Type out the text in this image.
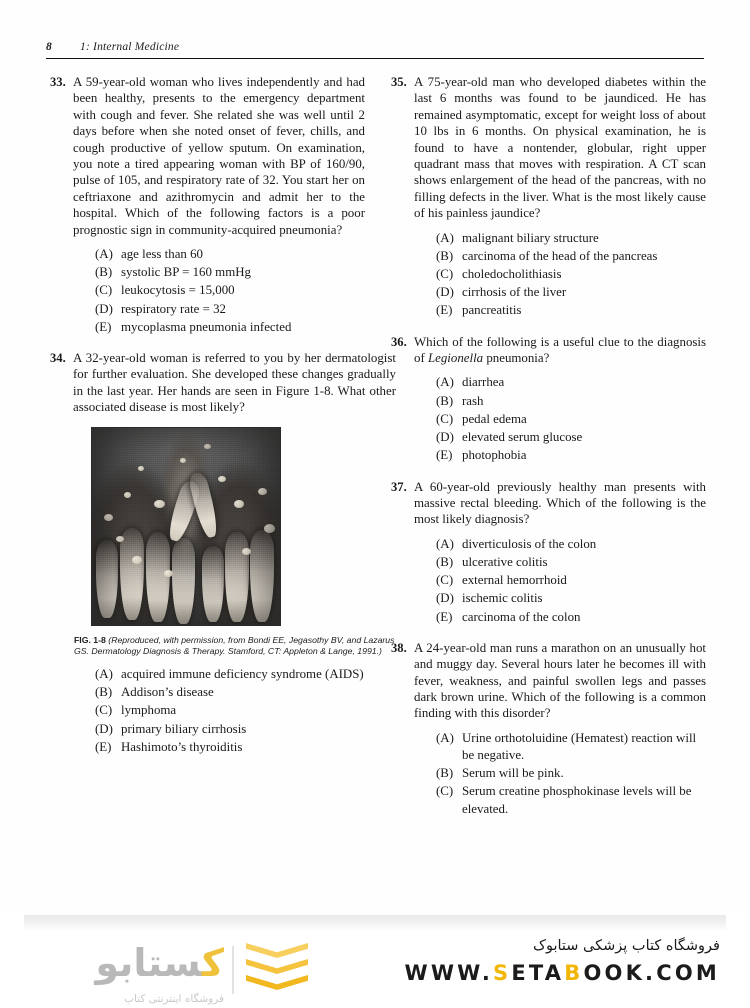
8	1: Internal Medicine
33. A 59-year-old woman who lives independently and had been healthy, presents to the emergency department with cough and fever. She related she was well until 2 days before when she noted onset of fever, chills, and cough productive of yellow sputum. On examination, you note a tired appearing woman with BP of 160/90, pulse of 105, and respiratory rate of 32. You start her on ceftriaxone and azithromycin and admit her to the hospital. Which of the following factors is a poor prognostic sign in community-acquired pneumonia?

(A) age less than 60
(B) systolic BP = 160 mmHg
(C) leukocytosis = 15,000
(D) respiratory rate = 32
(E) mycoplasma pneumonia infected
34. A 32-year-old woman is referred to you by her dermatologist for further evaluation. She developed these changes gradually in the last year. Her hands are seen in Figure 1-8. What other associated disease is most likely?

FIG. 1-8 (Reproduced, with permission, from Bondi EE, Jegasothy BV, and Lazarus GS. Dermatology Diagnosis & Therapy. Stamford, CT: Appleton & Lange, 1991.)
(A) acquired immune deficiency syndrome (AIDS)
(B) Addison’s disease
(C) lymphoma
(D) primary biliary cirrhosis
(E) Hashimoto’s thyroiditis
35. A 75-year-old man who developed diabetes within the last 6 months was found to be jaundiced. He has remained asymptomatic, except for weight loss of about 10 lbs in 6 months. On physical examination, he is found to have a nontender, globular, right upper quadrant mass that moves with respiration. A CT scan shows enlargement of the head of the pancreas, with no filling defects in the liver. What is the most likely cause of his painless jaundice?

(A) malignant biliary structure
(B) carcinoma of the head of the pancreas
(C) choledocholithiasis
(D) cirrhosis of the liver
(E) pancreatitis
36. Which of the following is a useful clue to the diagnosis of Legionella pneumonia?

(A) diarrhea
(B) rash
(C) pedal edema
(D) elevated serum glucose
(E) photophobia
37. A 60-year-old previously healthy man presents with massive rectal bleeding. Which of the following is the most likely diagnosis?

(A) diverticulosis of the colon
(B) ulcerative colitis
(C) external hemorrhoid
(D) ischemic colitis
(E) carcinoma of the colon
38. A 24-year-old man runs a marathon on an unusually hot and muggy day. Several hours later he becomes ill with fever, weakness, and painful swollen legs and passes dark brown urine. Which of the following is a common finding with this disorder?

(A) Urine orthotoluidine (Hematest) reaction will be negative.
(B) Serum will be pink.
(C) Serum creatine phosphokinase levels will be elevated.
کستابو
فروشگاه اینترنتی کتاب
فروشگاه کتاب پزشکی ستابوک
WWW.SETABOOK.COM
